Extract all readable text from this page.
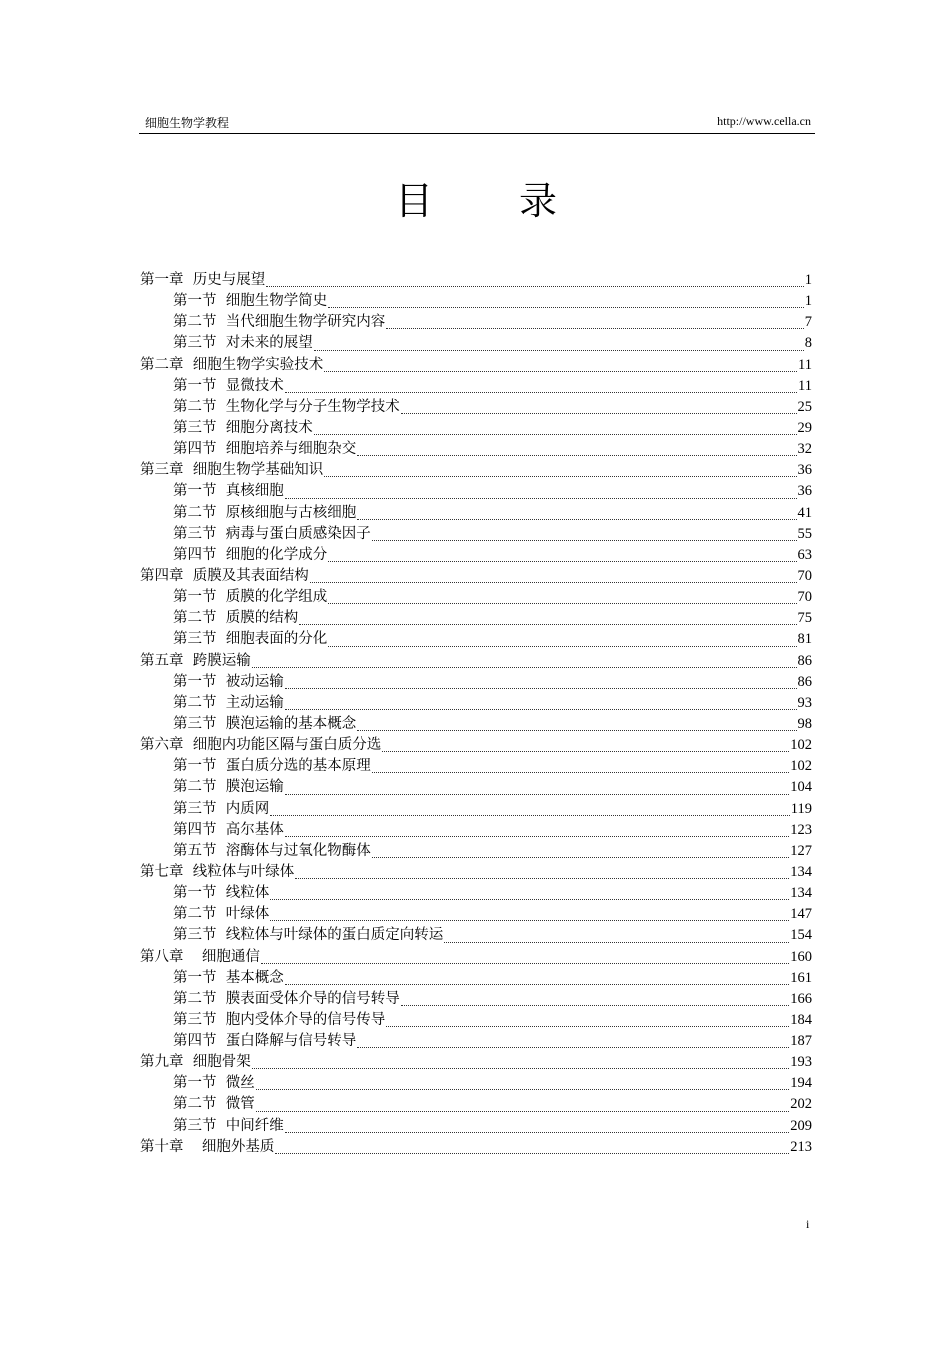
细胞生物学教程	http://www.cella.cn
目 录
第一章  历史与展望	1
第一节  细胞生物学简史	1
第二节  当代细胞生物学研究内容	7
第三节  对未来的展望	8
第二章  细胞生物学实验技术	11
第一节  显微技术	11
第二节  生物化学与分子生物学技术	25
第三节  细胞分离技术	29
第四节  细胞培养与细胞杂交	32
第三章  细胞生物学基础知识	36
第一节  真核细胞	36
第二节  原核细胞与古核细胞	41
第三节  病毒与蛋白质感染因子	55
第四节  细胞的化学成分	63
第四章  质膜及其表面结构	70
第一节  质膜的化学组成	70
第二节  质膜的结构	75
第三节  细胞表面的分化	81
第五章  跨膜运输	86
第一节  被动运输	86
第二节  主动运输	93
第三节  膜泡运输的基本概念	98
第六章  细胞内功能区隔与蛋白质分选	102
第一节  蛋白质分选的基本原理	102
第二节  膜泡运输	104
第三节  内质网	119
第四节  高尔基体	123
第五节  溶酶体与过氧化物酶体	127
第七章  线粒体与叶绿体	134
第一节  线粒体	134
第二节  叶绿体	147
第三节  线粒体与叶绿体的蛋白质定向转运	154
第八章    细胞通信	160
第一节  基本概念	161
第二节  膜表面受体介导的信号转导	166
第三节  胞内受体介导的信号传导	184
第四节  蛋白降解与信号转导	187
第九章  细胞骨架	193
第一节  微丝	194
第二节  微管	202
第三节  中间纤维	209
第十章    细胞外基质	213
i
